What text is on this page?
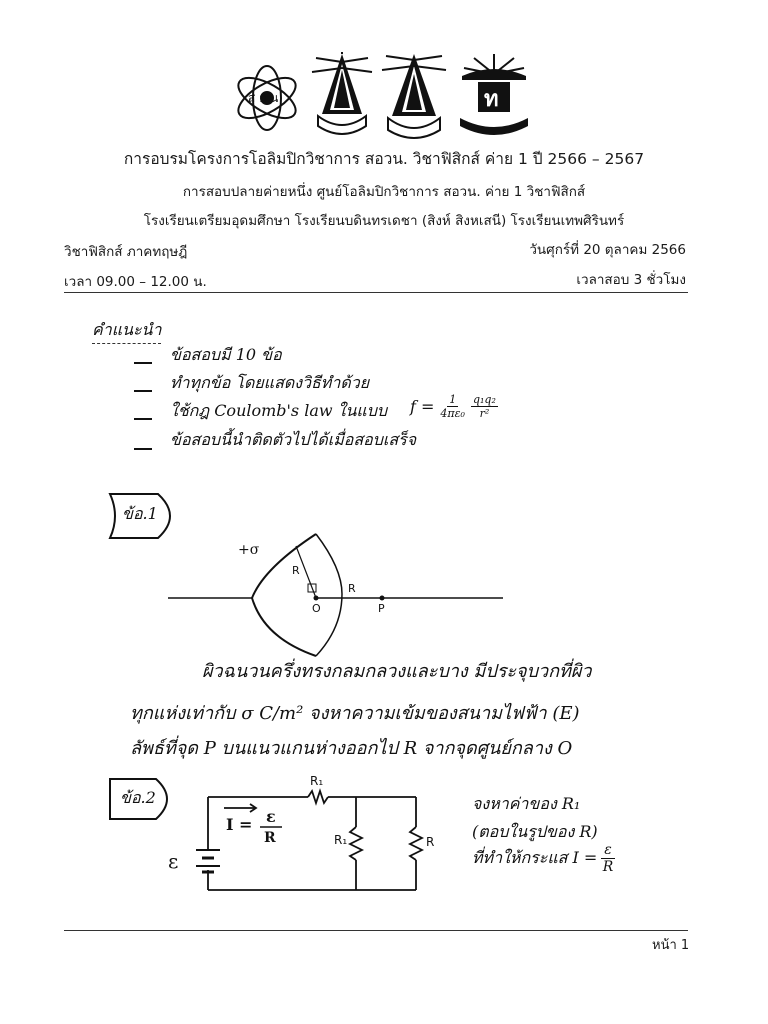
ส อ น	ท
การอบรมโครงการโอลิมปิกวิชาการ สอวน. วิชาฟิสิกส์ ค่าย 1 ปี 2566 – 2567
การสอบปลายค่ายหนึ่ง ศูนย์โอลิมปิกวิชาการ สอวน. ค่าย 1 วิชาฟิสิกส์
โรงเรียนเตรียมอุดมศึกษา โรงเรียนบดินทรเดชา (สิงห์ สิงหเสนี) โรงเรียนเทพศิรินทร์
วิชาฟิสิกส์ ภาคทฤษฎี	วันศุกร์ที่ 20 ตุลาคม 2566
เวลา 09.00 – 12.00 น.	เวลาสอบ 3 ชั่วโมง
คำแนะนำ
ข้อสอบมี 10 ข้อ
ทำทุกข้อ โดยแสดงวิธีทำด้วย
ใช้กฎ Coulomb's law ในแบบ $f = \frac{1}{\text{4πε₀}} \frac{\text{q₁q₂}}{\text{r²}}$
ข้อสอบนี้นำติดตัวไปได้เมื่อสอบเสร็จ
ข้อ.1
+σ
R
R
O	P
ผิวฉนวนครึ่งทรงกลมกลวงและบาง มีประจุบวกที่ผิว
ทุกแห่งเท่ากับ σ C/m² จงหาความเข้มของสนามไฟฟ้า (E)
ลัพธ์ที่จุด P บนแนวแกนห่างออกไป R จากจุดศูนย์กลาง O
ข้อ.2
R₁
R₁	R
ε
I = ε
R
จงหาค่าของ R₁
(ตอบในรูปของ R)
ที่ทำให้กระแส $I = \frac{\varepsilon}{R}$
หน้า 1
